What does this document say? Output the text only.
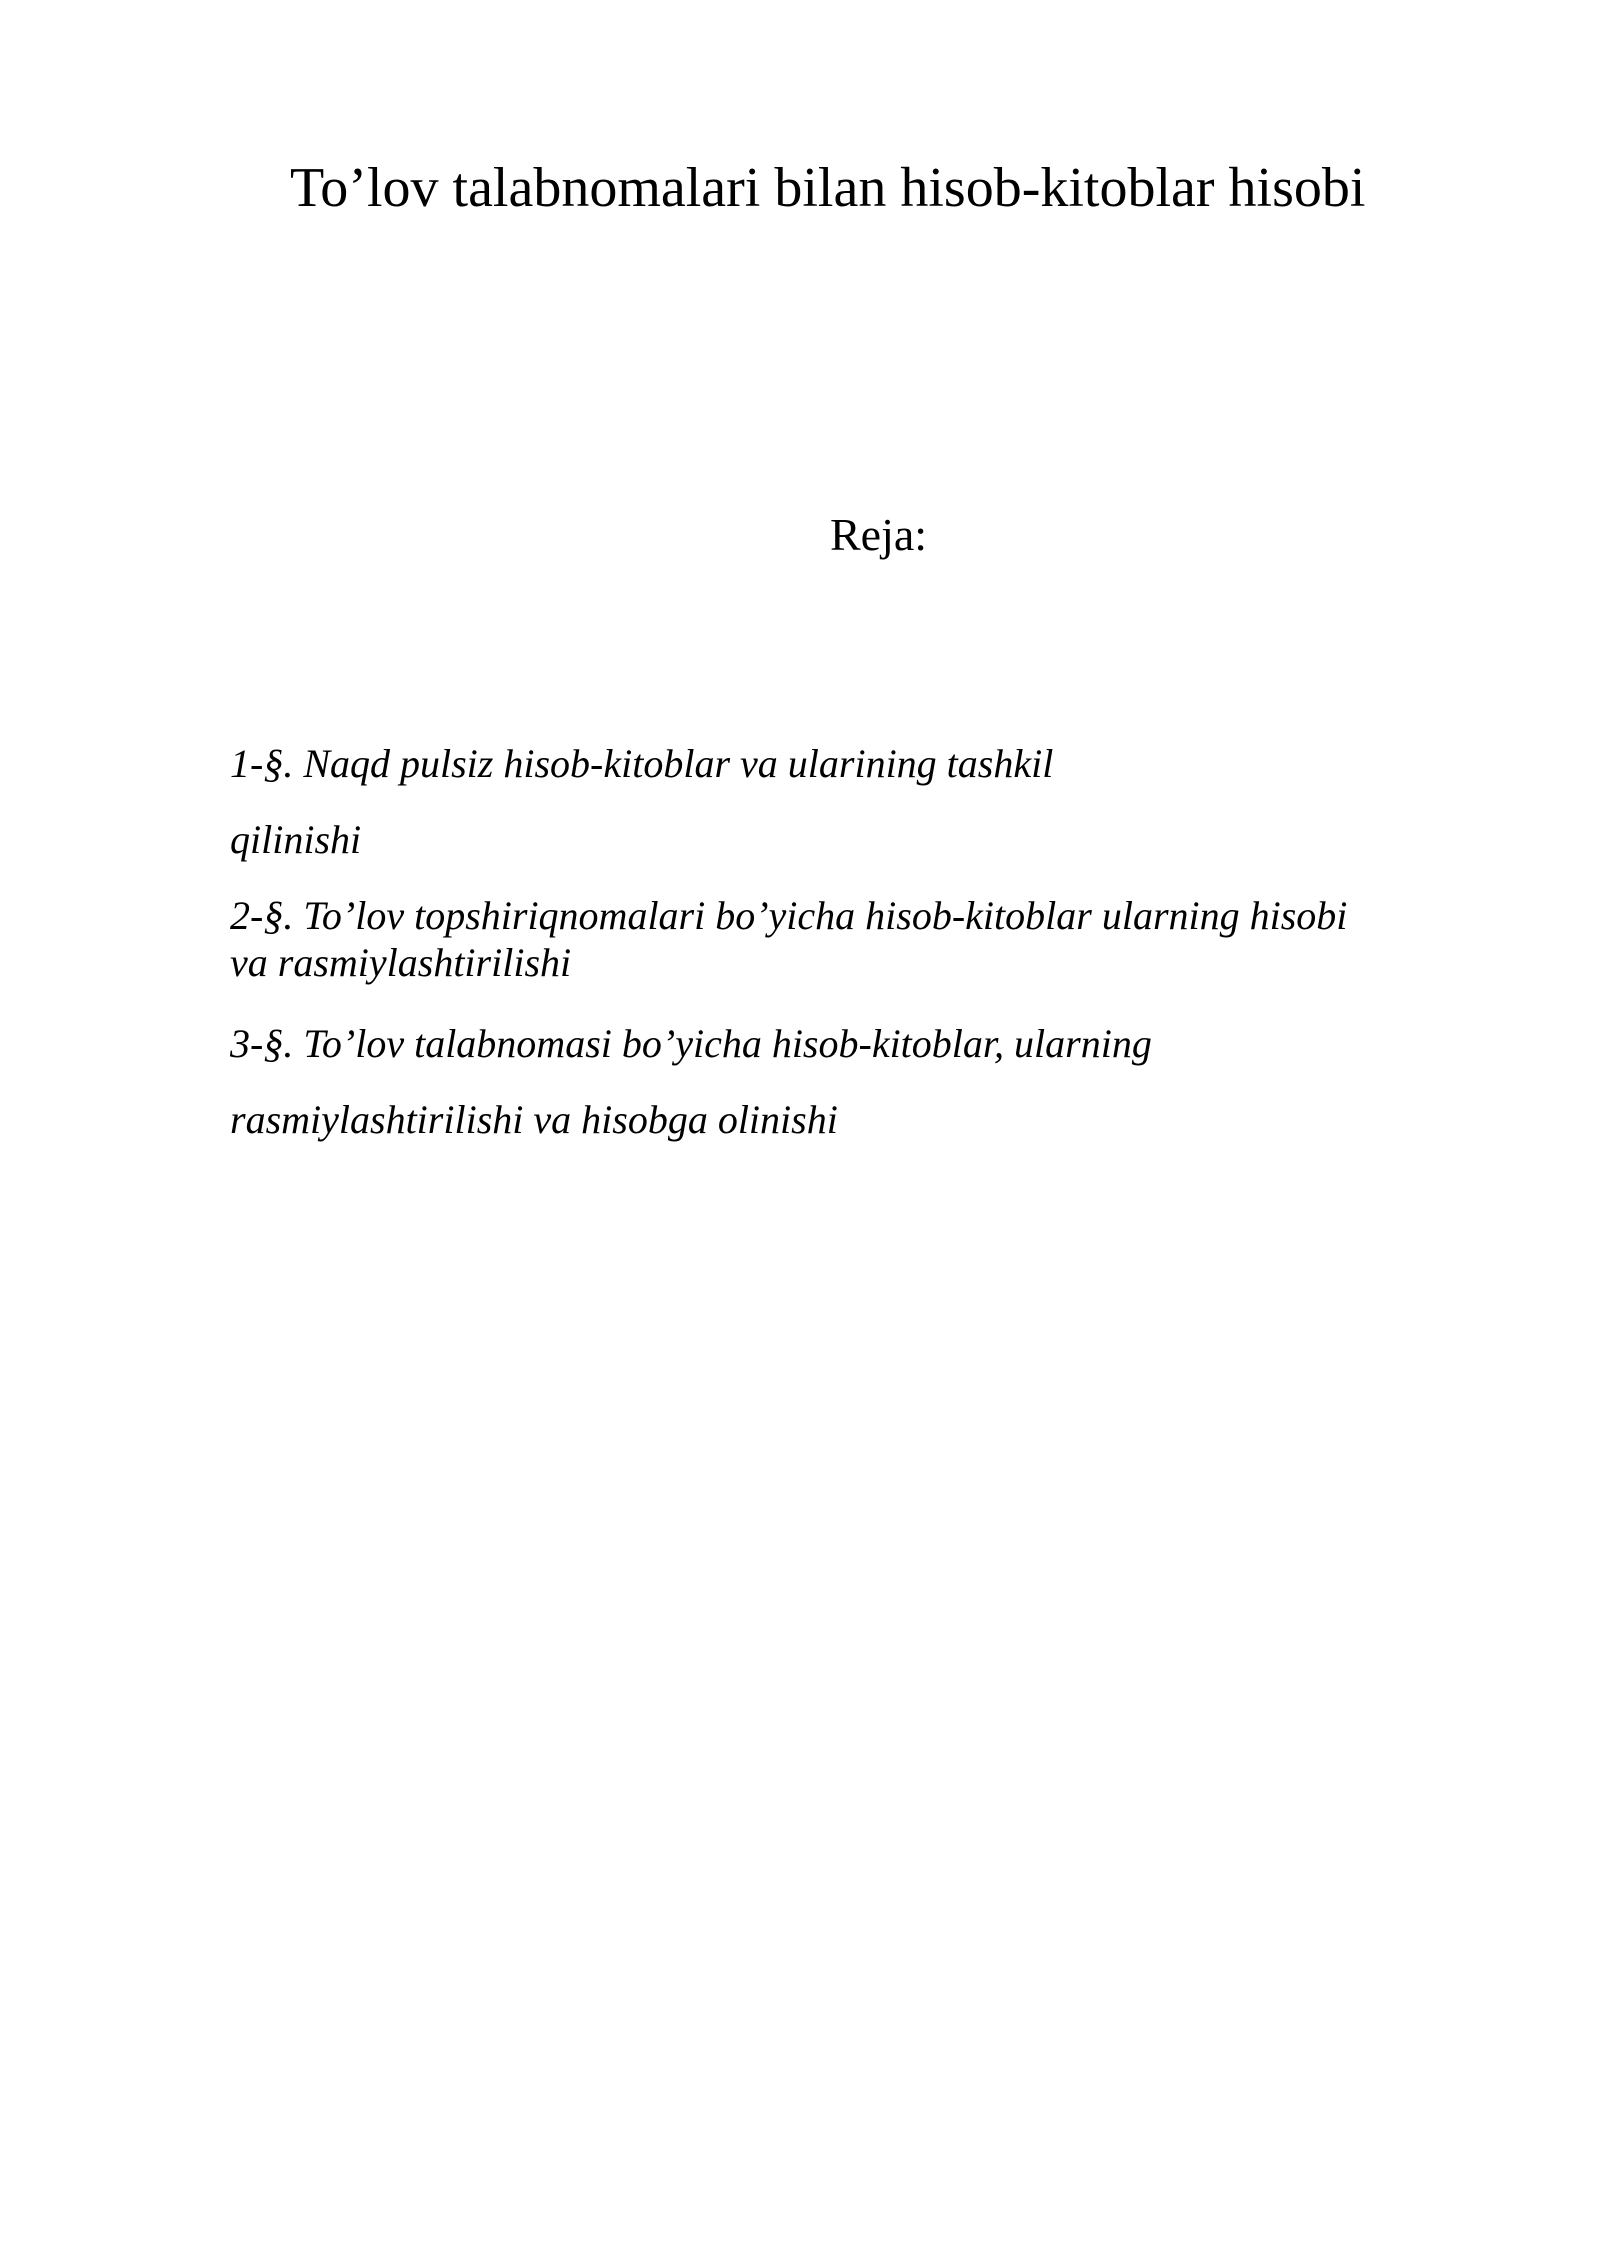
To’lov talabnomalari bilan hisob-kitoblar hisobi
Reja:

1-§. Naqd pulsiz hisob-kitoblar va ularining tashkil

qilinishi

2-§. To’lov topshiriqnomalari bo’yicha hisob-kitoblar ularning hisobi

va rasmiylashtirilishi

3-§. To’lov talabnomasi bo’yicha hisob-kitoblar, ularning

rasmiylashtirilishi va hisobga olinishi
